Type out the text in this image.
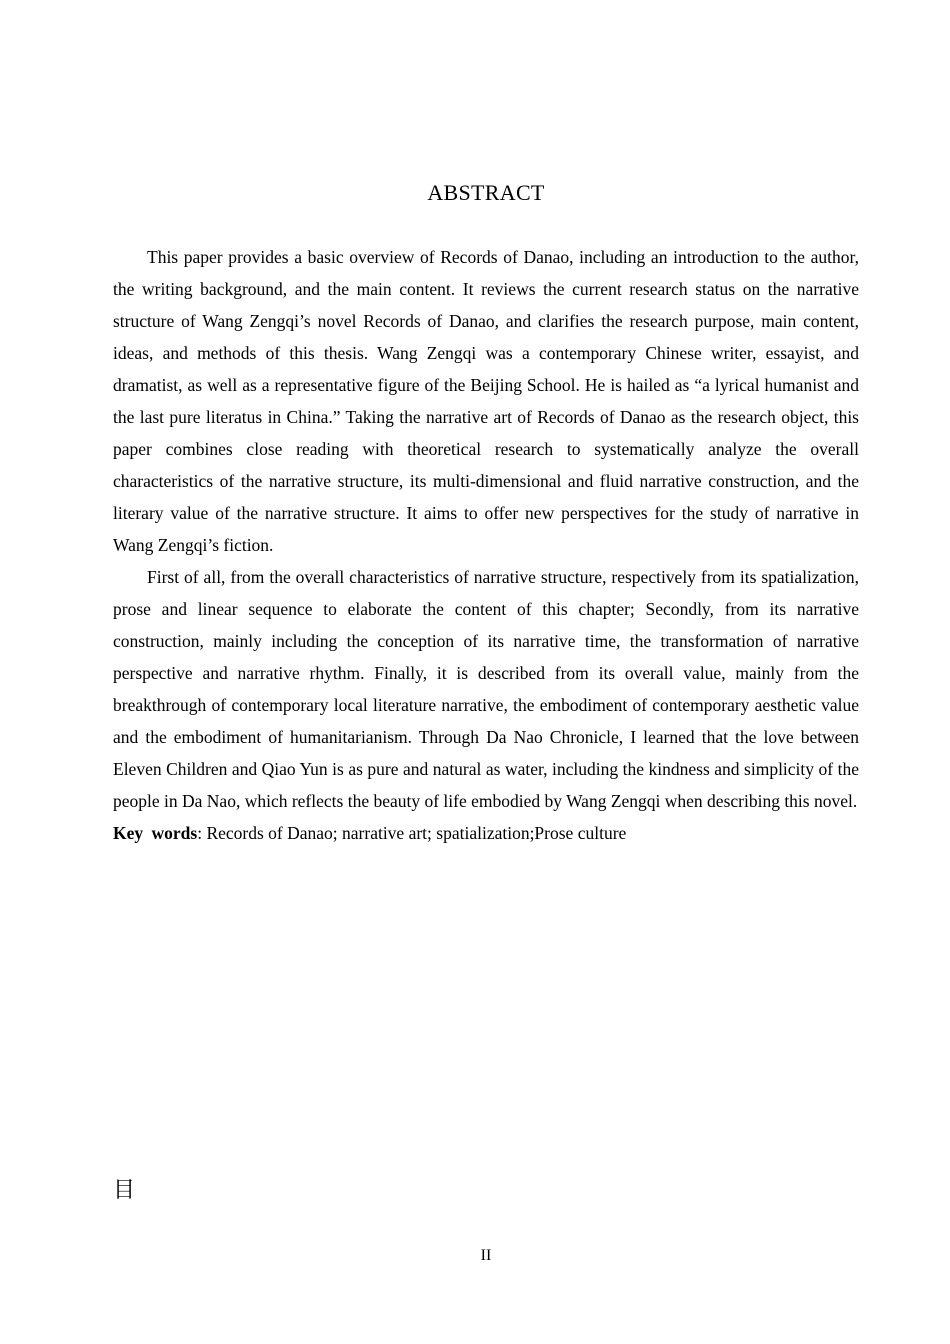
ABSTRACT

This paper provides a basic overview of Records of Danao, including an introduction to the author, the writing background, and the main content. It reviews the current research status on the narrative structure of Wang Zengqi’s novel Records of Danao, and clarifies the research purpose, main content, ideas, and methods of this thesis. Wang Zengqi was a contemporary Chinese writer, essayist, and dramatist, as well as a representative figure of the Beijing School. He is hailed as “a lyrical humanist and the last pure literatus in China.” Taking the narrative art of Records of Danao as the research object, this paper combines close reading with theoretical research to systematically analyze the overall characteristics of the narrative structure, its multi-dimensional and fluid narrative construction, and the literary value of the narrative structure. It aims to offer new perspectives for the study of narrative in Wang Zengqi’s fiction.

First of all, from the overall characteristics of narrative structure, respectively from its spatialization, prose and linear sequence to elaborate the content of this chapter; Secondly, from its narrative construction, mainly including the conception of its narrative time, the transformation of narrative perspective and narrative rhythm. Finally, it is described from its overall value, mainly from the breakthrough of contemporary local literature narrative, the embodiment of contemporary aesthetic value and the embodiment of humanitarianism. Through Da Nao Chronicle, I learned that the love between Eleven Children and Qiao Yun is as pure and natural as water, including the kindness and simplicity of the people in Da Nao, which reflects the beauty of life embodied by Wang Zengqi when describing this novel.

Key words: Records of Danao; narrative art; spatialization;Prose culture

目
II
